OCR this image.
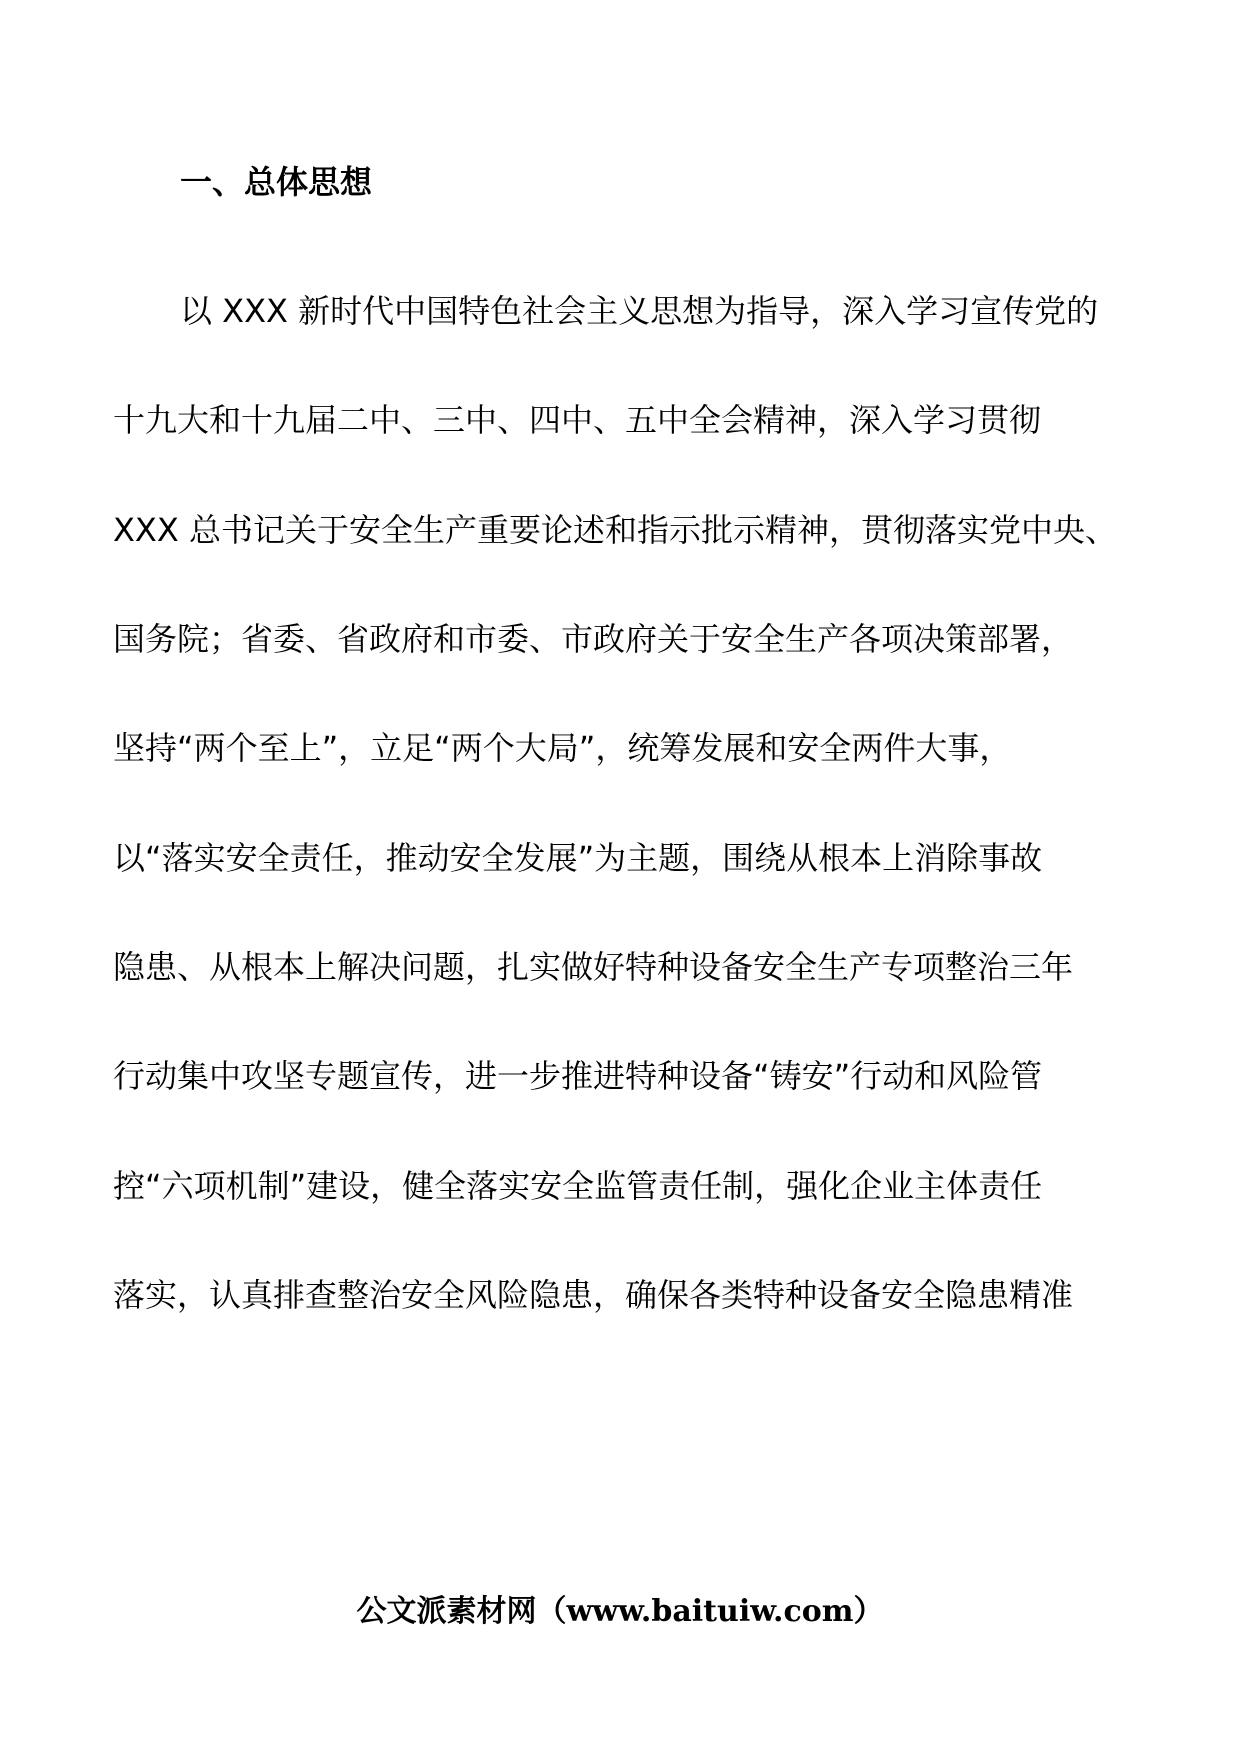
一、总体思想
以 XXX 新时代中国特色社会主义思想为指导，深入学习宣传党的
十九大和十九届二中、三中、四中、五中全会精神，深入学习贯彻
XXX 总书记关于安全生产重要论述和指示批示精神，贯彻落实党中央、
国务院；省委、省政府和市委、市政府关于安全生产各项决策部署，
坚持“两个至上”，立足“两个大局”，统筹发展和安全两件大事，
以“落实安全责任，推动安全发展”为主题，围绕从根本上消除事故
隐患、从根本上解决问题，扎实做好特种设备安全生产专项整治三年
行动集中攻坚专题宣传，进一步推进特种设备“铸安”行动和风险管
控“六项机制”建设，健全落实安全监管责任制，强化企业主体责任
落实，认真排查整治安全风险隐患，确保各类特种设备安全隐患精准
公文派素材网（www.baituiw.com）
